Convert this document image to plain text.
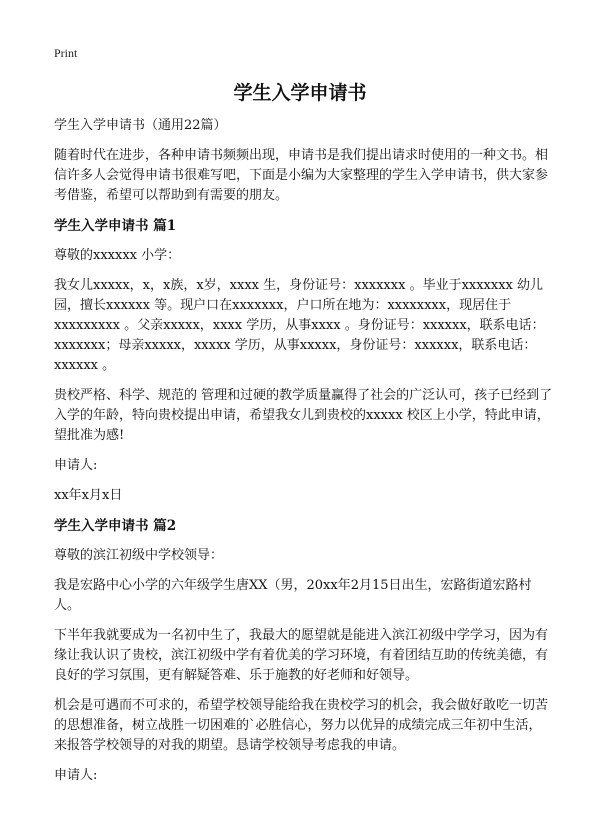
Print
学生入学申请书

学生入学申请书（通用22篇）

随着时代在进步，各种申请书频频出现，申请书是我们提出请求时使用的一种文书。相信许多人会觉得申请书很难写吧，下面是小编为大家整理的学生入学申请书，供大家参考借鉴，希望可以帮助到有需要的朋友。

学生入学申请书 篇1

尊敬的xxxxxx 小学：

我女儿xxxxx，x，x族，x岁，xxxx 生，身份证号：xxxxxxx 。毕业于xxxxxxx 幼儿园，擅长xxxxxx 等。现户口在xxxxxxx，户口所在地为：xxxxxxxx，现居住于xxxxxxxxx 。父亲xxxxx，xxxx 学历，从事xxxx 。身份证号：xxxxxx，联系电话：xxxxxxx；母亲xxxxx，xxxxx 学历，从事xxxxx，身份证号：xxxxxx，联系电话：xxxxxx 。

贵校严格、科学、规范的 管理和过硬的教学质量赢得了社会的广泛认可，孩子已经到了入学的年龄，特向贵校提出申请，希望我女儿到贵校的xxxxx 校区上小学，特此申请，望批准为感!

申请人:

xx年x月x日

学生入学申请书 篇2

尊敬的滨江初级中学校领导：

我是宏路中心小学的六年级学生唐XX（男，20xx年2月15日出生，宏路街道宏路村人。

下半年我就要成为一名初中生了，我最大的愿望就是能进入滨江初级中学学习，因为有缘让我认识了贵校，滨江初级中学有着优美的学习环境，有着团结互助的传统美德，有良好的学习氛围，更有解疑答难、乐于施教的好老师和好领导。

机会是可遇而不可求的，希望学校领导能给我在贵校学习的机会，我会做好敢吃一切苦的思想准备，树立战胜一切困难的`必胜信心，努力以优异的成绩完成三年初中生活，来报答学校领导的对我的期望。恳请学校领导考虑我的申请。

申请人:
